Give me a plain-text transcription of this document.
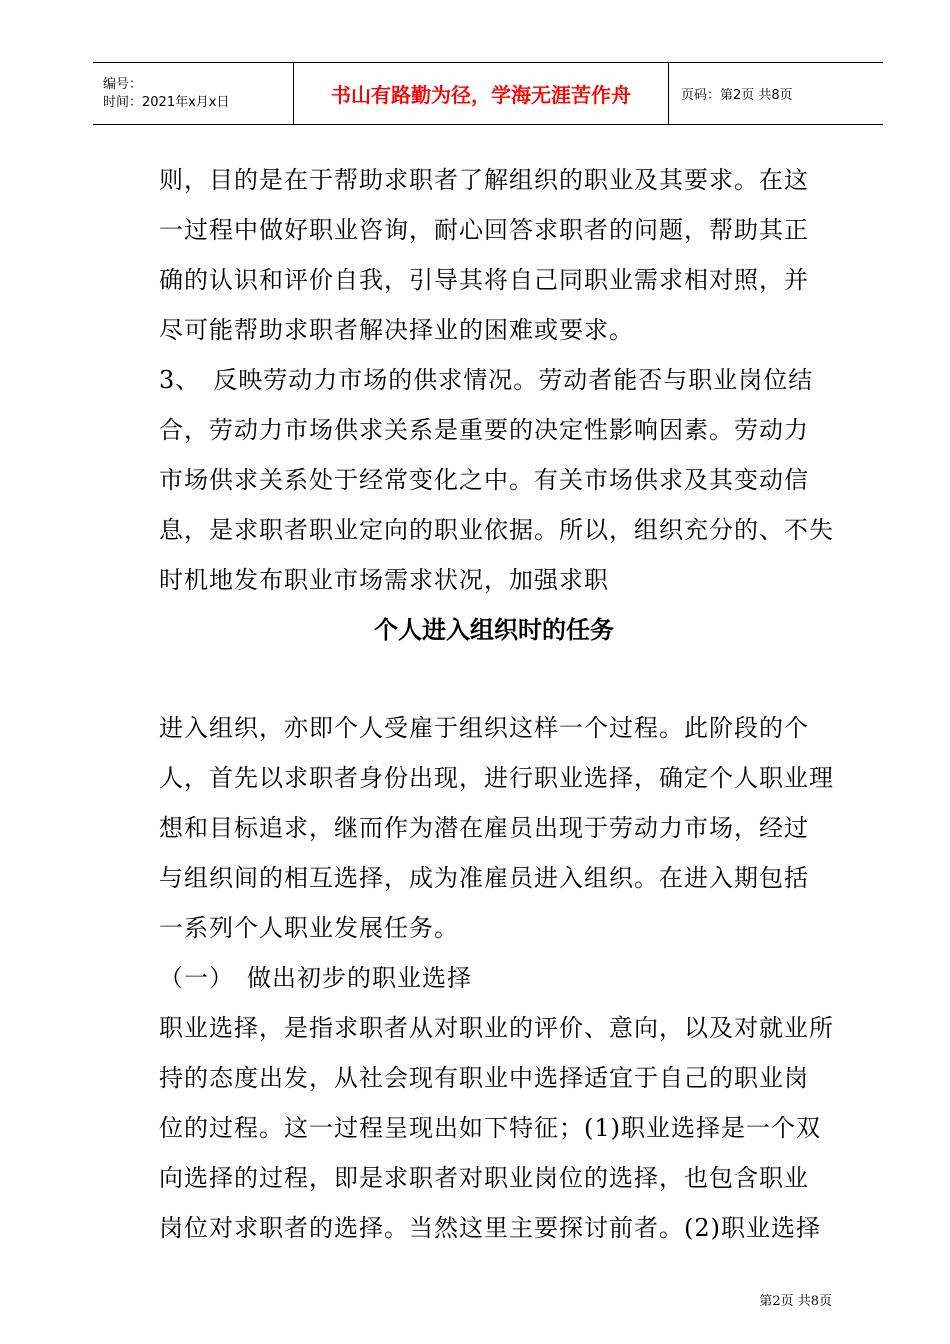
编号：
时间：2021年x月x日	书山有路勤为径，学海无涯苦作舟	页码：第2页 共8页
则，目的是在于帮助求职者了解组织的职业及其要求。在这
一过程中做好职业咨询，耐心回答求职者的问题，帮助其正
确的认识和评价自我，引导其将自己同职业需求相对照，并
尽可能帮助求职者解决择业的困难或要求。
3、　反映劳动力市场的供求情况。劳动者能否与职业岗位结
合，劳动力市场供求关系是重要的决定性影响因素。劳动力
市场供求关系处于经常变化之中。有关市场供求及其变动信
息，是求职者职业定向的职业依据。所以，组织充分的、不失
时机地发布职业市场需求状况，加强求职
个人进入组织时的任务
进入组织，亦即个人受雇于组织这样一个过程。此阶段的个
人，首先以求职者身份出现，进行职业选择，确定个人职业理
想和目标追求，继而作为潜在雇员出现于劳动力市场，经过
与组织间的相互选择，成为准雇员进入组织。在进入期包括
一系列个人职业发展任务。
（一）　做出初步的职业选择
职业选择，是指求职者从对职业的评价、意向，以及对就业所
持的态度出发，从社会现有职业中选择适宜于自己的职业岗
位的过程。这一过程呈现出如下特征；(1)职业选择是一个双
向选择的过程，即是求职者对职业岗位的选择，也包含职业
岗位对求职者的选择。当然这里主要探讨前者。(2)职业选择
第2页 共8页
